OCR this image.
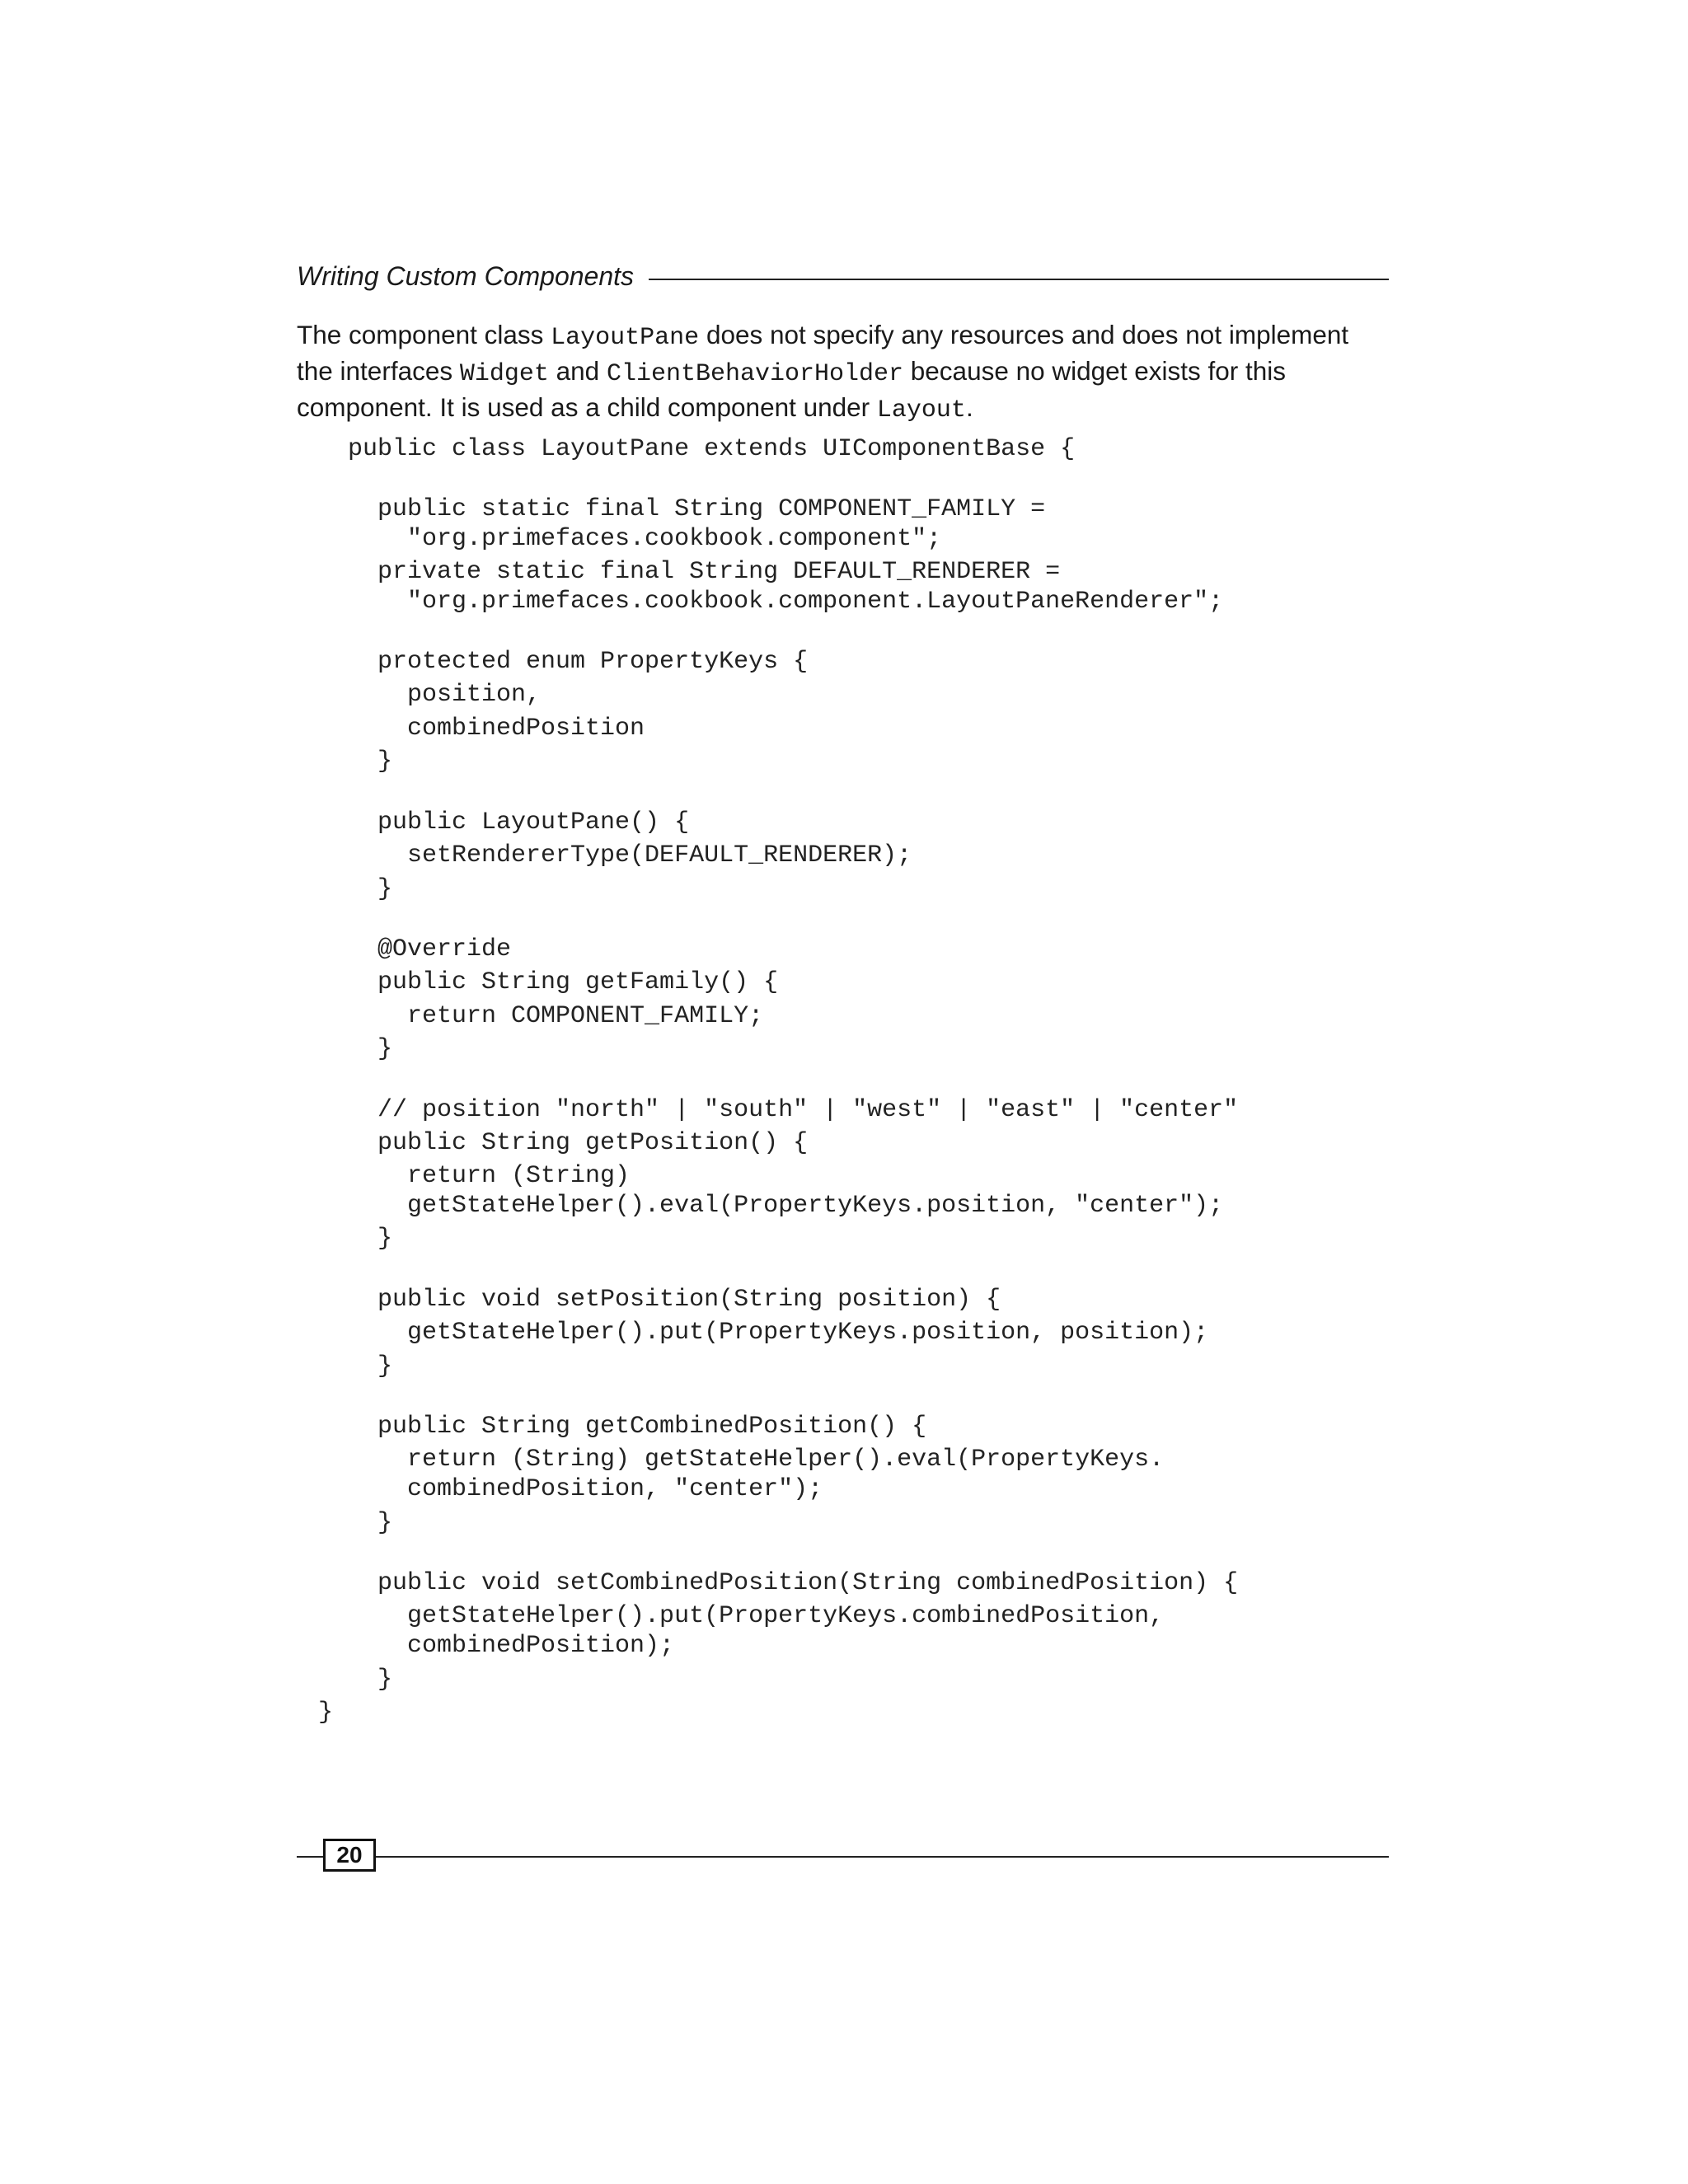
Writing Custom Components

The component class LayoutPane does not specify any resources and does not implement the interfaces Widget and ClientBehaviorHolder because no widget exists for this component. It is used as a child component under Layout.

public class LayoutPane extends UIComponentBase {

public static final String COMPONENT_FAMILY =

"org.primefaces.cookbook.component";

private static final String DEFAULT_RENDERER =

"org.primefaces.cookbook.component.LayoutPaneRenderer";

protected enum PropertyKeys {

position,

combinedPosition

}

public LayoutPane() {

setRendererType(DEFAULT_RENDERER);

}

@Override

public String getFamily() {

return COMPONENT_FAMILY;

}

// position "north" | "south" | "west" | "east" | "center"

public String getPosition() {

return (String)

getStateHelper().eval(PropertyKeys.position, "center");

}

public void setPosition(String position) {

getStateHelper().put(PropertyKeys.position, position);

}

public String getCombinedPosition() {

return (String) getStateHelper().eval(PropertyKeys.

combinedPosition, "center");

}

public void setCombinedPosition(String combinedPosition) {

getStateHelper().put(PropertyKeys.combinedPosition,

combinedPosition);

}

}

20
